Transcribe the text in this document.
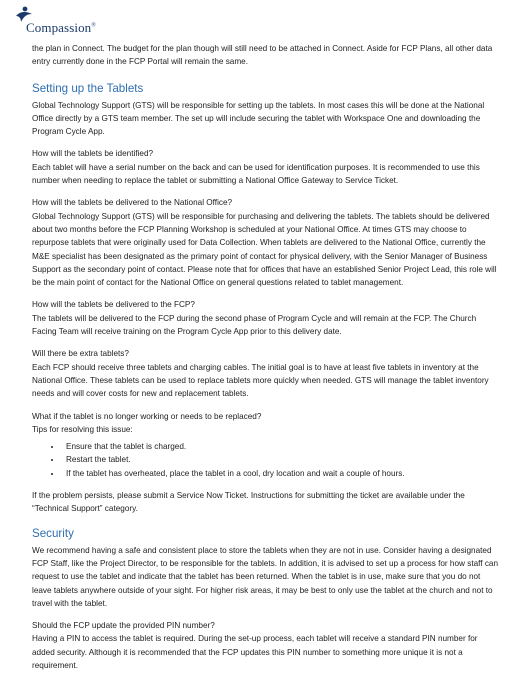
Compassion®

the plan in Connect. The budget for the plan though will still need to be attached in Connect. Aside for FCP Plans, all other data entry currently done in the FCP Portal will remain the same.

Setting up the Tablets

Global Technology Support (GTS) will be responsible for setting up the tablets. In most cases this will be done at the National Office directly by a GTS team member. The set up will include securing the tablet with Workspace One and downloading the Program Cycle App.

How will the tablets be identified?
Each tablet will have a serial number on the back and can be used for identification purposes. It is recommended to use this number when needing to replace the tablet or submitting a National Office Gateway to Service Ticket.

How will the tablets be delivered to the National Office?
Global Technology Support (GTS) will be responsible for purchasing and delivering the tablets. The tablets should be delivered about two months before the FCP Planning Workshop is scheduled at your National Office. At times GTS may choose to repurpose tablets that were originally used for Data Collection. When tablets are delivered to the National Office, currently the M&E specialist has been designated as the primary point of contact for physical delivery, with the Senior Manager of Business Support as the secondary point of contact. Please note that for offices that have an established Senior Project Lead, this role will be the main point of contact for the National Office on general questions related to tablet management.

How will the tablets be delivered to the FCP?
The tablets will be delivered to the FCP during the second phase of Program Cycle and will remain at the FCP. The Church Facing Team will receive training on the Program Cycle App prior to this delivery date.

Will there be extra tablets?
Each FCP should receive three tablets and charging cables. The initial goal is to have at least five tablets in inventory at the National Office. These tablets can be used to replace tablets more quickly when needed. GTS will manage the tablet inventory needs and will cover costs for new and replacement tablets.

What if the tablet is no longer working or needs to be replaced?
Tips for resolving this issue:

• Ensure that the tablet is charged.
• Restart the tablet.
• If the tablet has overheated, place the tablet in a cool, dry location and wait a couple of hours.

If the problem persists, please submit a Service Now Ticket. Instructions for submitting the ticket are available under the “Technical Support” category.

Security

We recommend having a safe and consistent place to store the tablets when they are not in use. Consider having a designated FCP Staff, like the Project Director, to be responsible for the tablets. In addition, it is advised to set up a process for how staff can request to use the tablet and indicate that the tablet has been returned. When the tablet is in use, make sure that you do not leave tablets anywhere outside of your sight. For higher risk areas, it may be best to only use the tablet at the church and not to travel with the tablet.

Should the FCP update the provided PIN number?
Having a PIN to access the tablet is required. During the set-up process, each tablet will receive a standard PIN number for added security. Although it is recommended that the FCP updates this PIN number to something more unique it is not a requirement.
